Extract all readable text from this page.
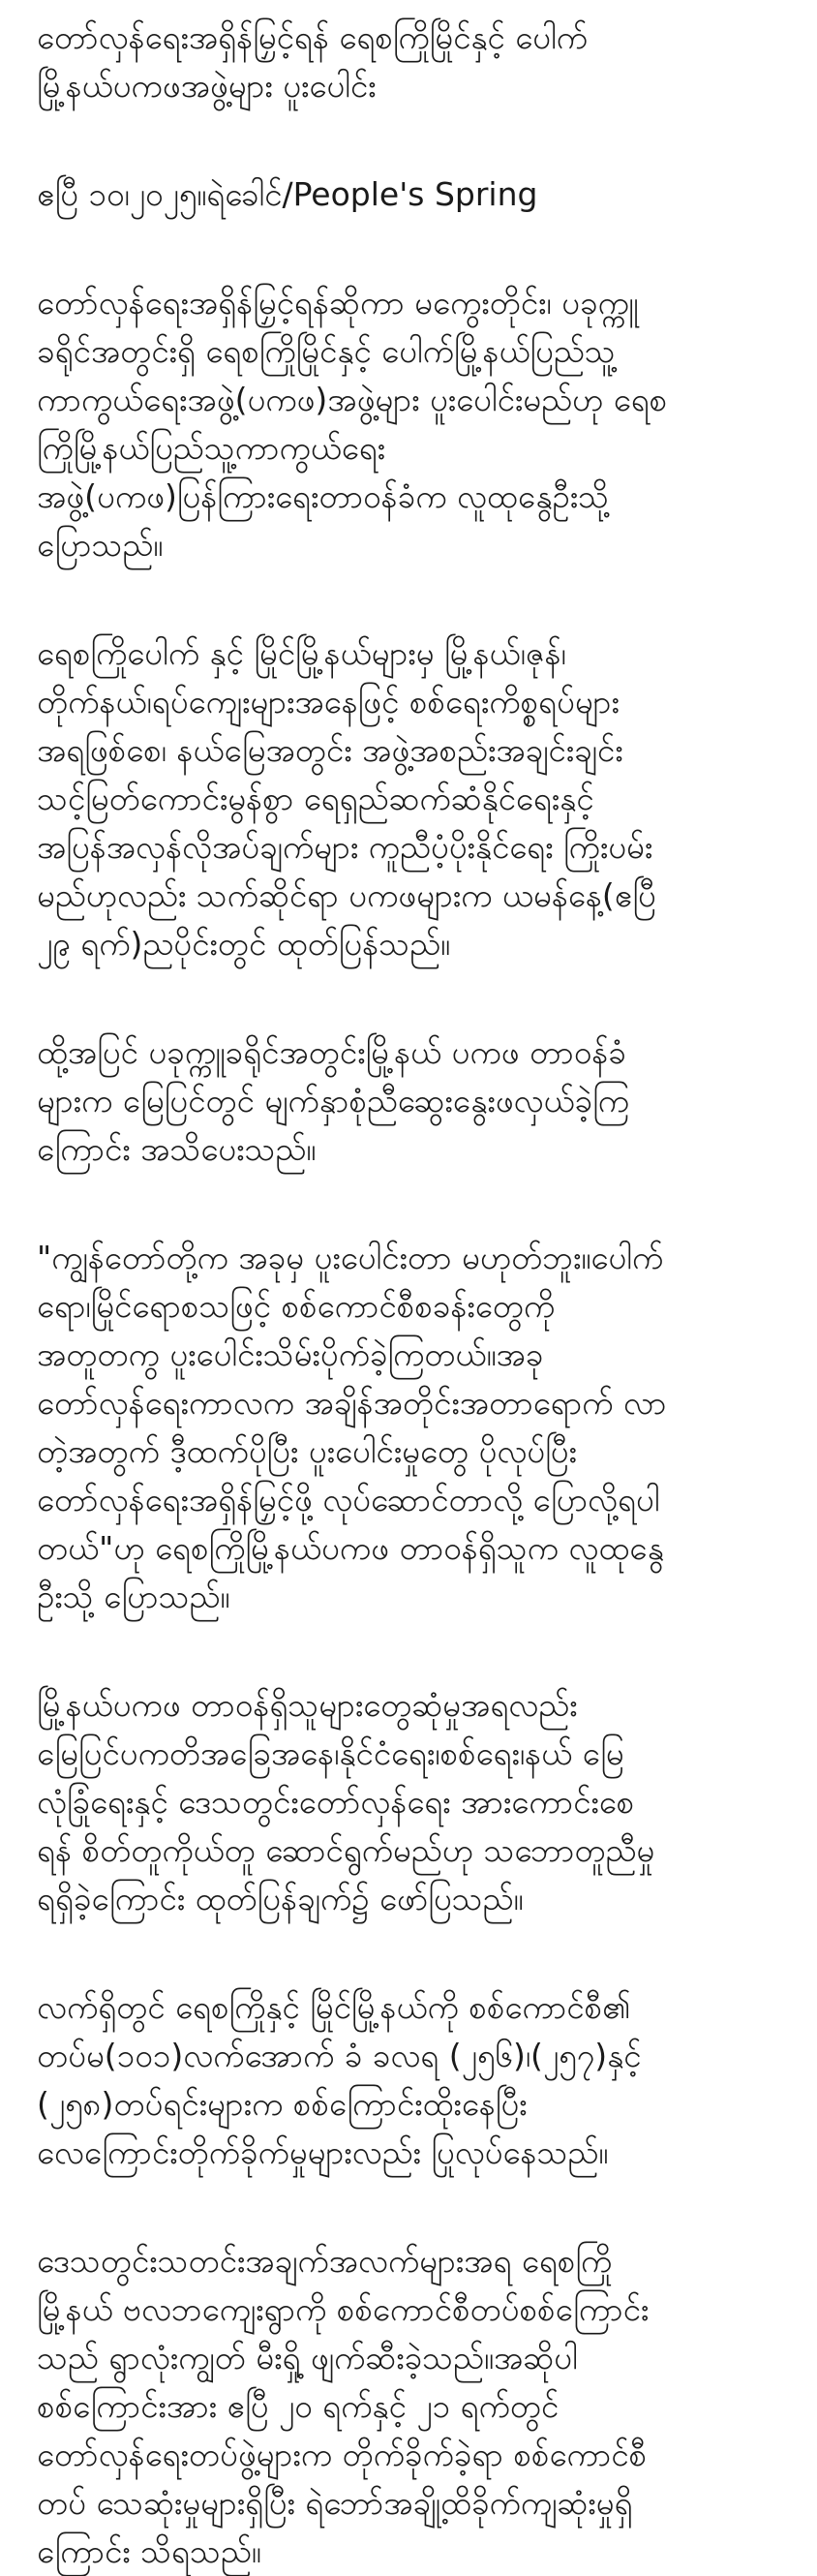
တော်လှန်ရေးအရှိန်မြှင့်ရန် ရေစကြိုမြိုင်နှင့် ပေါက်
မြို့နယ်ပကဖအဖွဲ့များ ပူးပေါင်း

ဧပြီ ၁၀၊၂၀၂၅။ရဲခေါင်/People's Spring

တော်လှန်ရေးအရှိန်မြှင့်ရန်ဆိုကာ မကွေးတိုင်း၊ ပခုက္ကူ
ခရိုင်အတွင်းရှိ ရေစကြိုမြိုင်နှင့် ပေါက်မြို့နယ်ပြည်သူ့
ကာကွယ်ရေးအဖွဲ့(ပကဖ)အဖွဲ့များ ပူးပေါင်းမည်ဟု ရေစ
ကြိုမြို့နယ်ပြည်သူ့ကာကွယ်ရေး
အဖွဲ့(ပကဖ)ပြန်ကြားရေးတာဝန်ခံက လူထုနွေဦးသို့
ပြောသည်။

ရေစကြိုပေါက် နှင့် မြိုင်မြို့နယ်များမှ မြို့နယ်၊ဇုန်၊
တိုက်နယ်၊ရပ်ကျေးများအနေဖြင့် စစ်ရေးကိစ္စရပ်များ
အရဖြစ်စေ၊ နယ်မြေအတွင်း အဖွဲ့အစည်းအချင်းချင်း
သင့်မြတ်ကောင်းမွန်စွာ ရေရှည်ဆက်ဆံနိုင်ရေးနှင့်
အပြန်အလှန်လိုအပ်ချက်များ ကူညီပံ့ပိုးနိုင်ရေး ကြိုးပမ်း
မည်ဟုလည်း သက်ဆိုင်ရာ ပကဖများက ယမန်နေ့(ဧပြီ
၂၉ ရက်)ညပိုင်းတွင် ထုတ်ပြန်သည်။

ထို့အပြင် ပခုက္ကူခရိုင်အတွင်းမြို့နယ် ပကဖ တာဝန်ခံ
များက မြေပြင်တွင် မျက်နှာစုံညီဆွေးနွေးဖလှယ်ခဲ့ကြ
ကြောင်း အသိပေးသည်။

"ကျွန်တော်တို့က အခုမှ ပူးပေါင်းတာ မဟုတ်ဘူး။ပေါက်
ရော၊မြိုင်ရောစသဖြင့် စစ်ကောင်စီစခန်းတွေကို
အတူတကွ ပူးပေါင်းသိမ်းပိုက်ခဲ့ကြတယ်။အခု
တော်လှန်ရေးကာလက အချိန်အတိုင်းအတာရောက် လာ
တဲ့အတွက် ဒီ့ထက်ပိုပြီး ပူးပေါင်းမှုတွေ ပိုလုပ်ပြီး
တော်လှန်ရေးအရှိန်မြှင့်ဖို့ လုပ်ဆောင်တာလို့ ပြောလို့ရပါ
တယ်"ဟု ရေစကြိုမြို့နယ်ပကဖ တာဝန်ရှိသူက လူထုနွေ
ဦးသို့ ပြောသည်။

မြို့နယ်ပကဖ တာဝန်ရှိသူများတွေဆုံမှုအရလည်း
မြေပြင်ပကတိအခြေအနေ၊နိုင်ငံရေး၊စစ်ရေး၊နယ် မြေ
လုံခြုံရေးနှင့် ဒေသတွင်းတော်လှန်ရေး အားကောင်းစေ
ရန် စိတ်တူကိုယ်တူ ဆောင်ရွက်မည်ဟု သဘောတူညီမှု
ရရှိခဲ့ကြောင်း ထုတ်ပြန်ချက်၌ ဖော်ပြသည်။

လက်ရှိတွင် ရေစကြိုနှင့် မြိုင်မြို့နယ်ကို စစ်ကောင်စီ၏
တပ်မ(၁၀၁)လက်အောက် ခံ ခလရ (၂၅၆)၊(၂၅၇)နှင့်
(၂၅၈)တပ်ရင်းများက စစ်ကြောင်းထိုးနေပြီး
လေကြောင်းတိုက်ခိုက်မှုများလည်း ပြုလုပ်နေသည်။

ဒေသတွင်းသတင်းအချက်အလက်များအရ ရေစကြို
မြို့နယ် ဗလဘကျေးရွာကို စစ်ကောင်စီတပ်စစ်ကြောင်း
သည် ရွာလုံးကျွတ် မီးရှို့ ဖျက်ဆီးခဲ့သည်။အဆိုပါ
စစ်ကြောင်းအား ဧပြီ ၂၀ ရက်နှင့် ၂၁ ရက်တွင်
တော်လှန်ရေးတပ်ဖွဲ့များက တိုက်ခိုက်ခဲ့ရာ စစ်ကောင်စီ
တပ် သေဆုံးမှုများရှိပြီး ရဲဘော်အချို့ထိခိုက်ကျဆုံးမှုရှိ
ကြောင်း သိရသည်။
